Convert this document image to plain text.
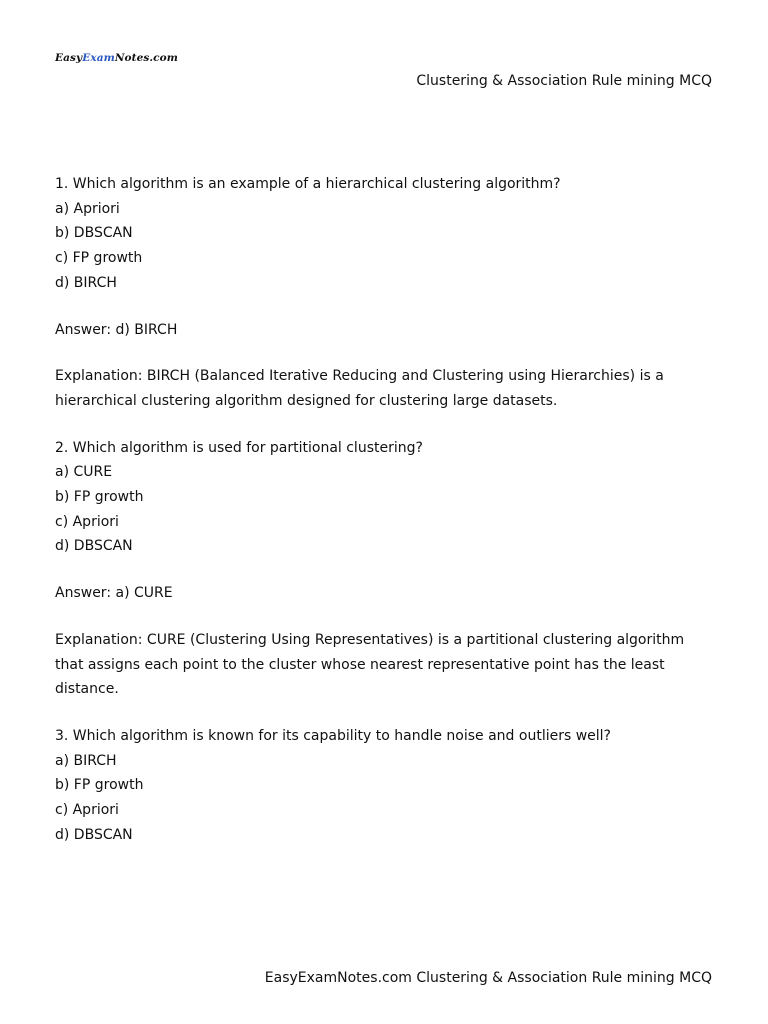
EasyExamNotes.com
Clustering & Association Rule mining MCQ

1. Which algorithm is an example of a hierarchical clustering algorithm?

a) Apriori

b) DBSCAN

c) FP growth

d) BIRCH

Answer: d) BIRCH

Explanation: BIRCH (Balanced Iterative Reducing and Clustering using Hierarchies) is a

hierarchical clustering algorithm designed for clustering large datasets.

2. Which algorithm is used for partitional clustering?

a) CURE

b) FP growth

c) Apriori

d) DBSCAN

Answer: a) CURE

Explanation: CURE (Clustering Using Representatives) is a partitional clustering algorithm

that assigns each point to the cluster whose nearest representative point has the least

distance.

3. Which algorithm is known for its capability to handle noise and outliers well?

a) BIRCH

b) FP growth

c) Apriori

d) DBSCAN

EasyExamNotes.com Clustering & Association Rule mining MCQ
